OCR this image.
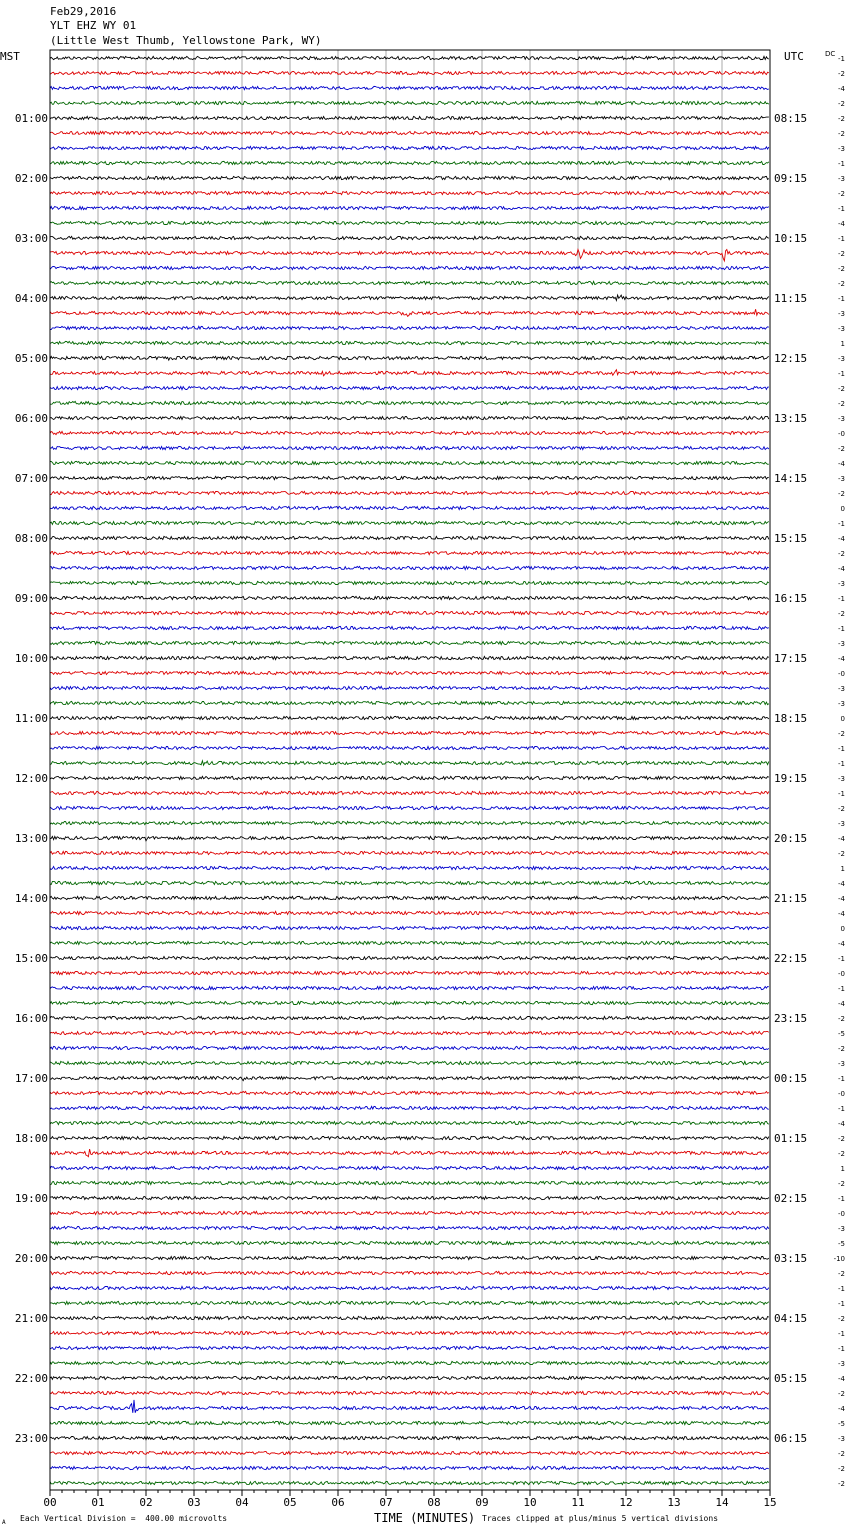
Feb29,2016
YLT EHZ WY 01
(Little West Thumb, Yellowstone Park, WY)
00	01	02	03	04	05	06	07	08	09	10	11	12	13	14	15
01:00
02:00
03:00
04:00
05:00
06:00
07:00
08:00
09:00
10:00
11:00
12:00
13:00
14:00
15:00
16:00
17:00
18:00
19:00
20:00
21:00
22:00
23:00
08:15
09:15
10:15
11:15
12:15
13:15
14:15
15:15
16:15
17:15
18:15
19:15
20:15
21:15
22:15
23:15
00:15
01:15
02:15
03:15
04:15
05:15
06:15
-1
-2
-4
-2
-2
-2
-3
-1
-3
-2
-1
-4
-1
-2
-2
-2
-1
-3
-3
1
-3
-1
-2
-2
-3
-0
-2
-4
-3
-2
0
-1
-4
-2
-4
-3
-1
-2
-1
-3
-4
-0
-3
-3
0
-2
-1
-1
-3
-1
-2
-3
-4
-2
1
-4
-4
-4
0
-4
-1
-0
-1
-4
-2
-5
-2
-3
-1
-0
-1
-4
-2
-2
1
-2
-1
-0
-3
-5
-10
-2
-1
-1
-2
-1
-1
-3
-4
-2
-4
-5
-3
-2
-2
-2
MST	UTC	DC
A Each Vertical Division =  400.00 microvolts	TIME (MINUTES) Traces clipped at plus/minus 5 vertical divisions
